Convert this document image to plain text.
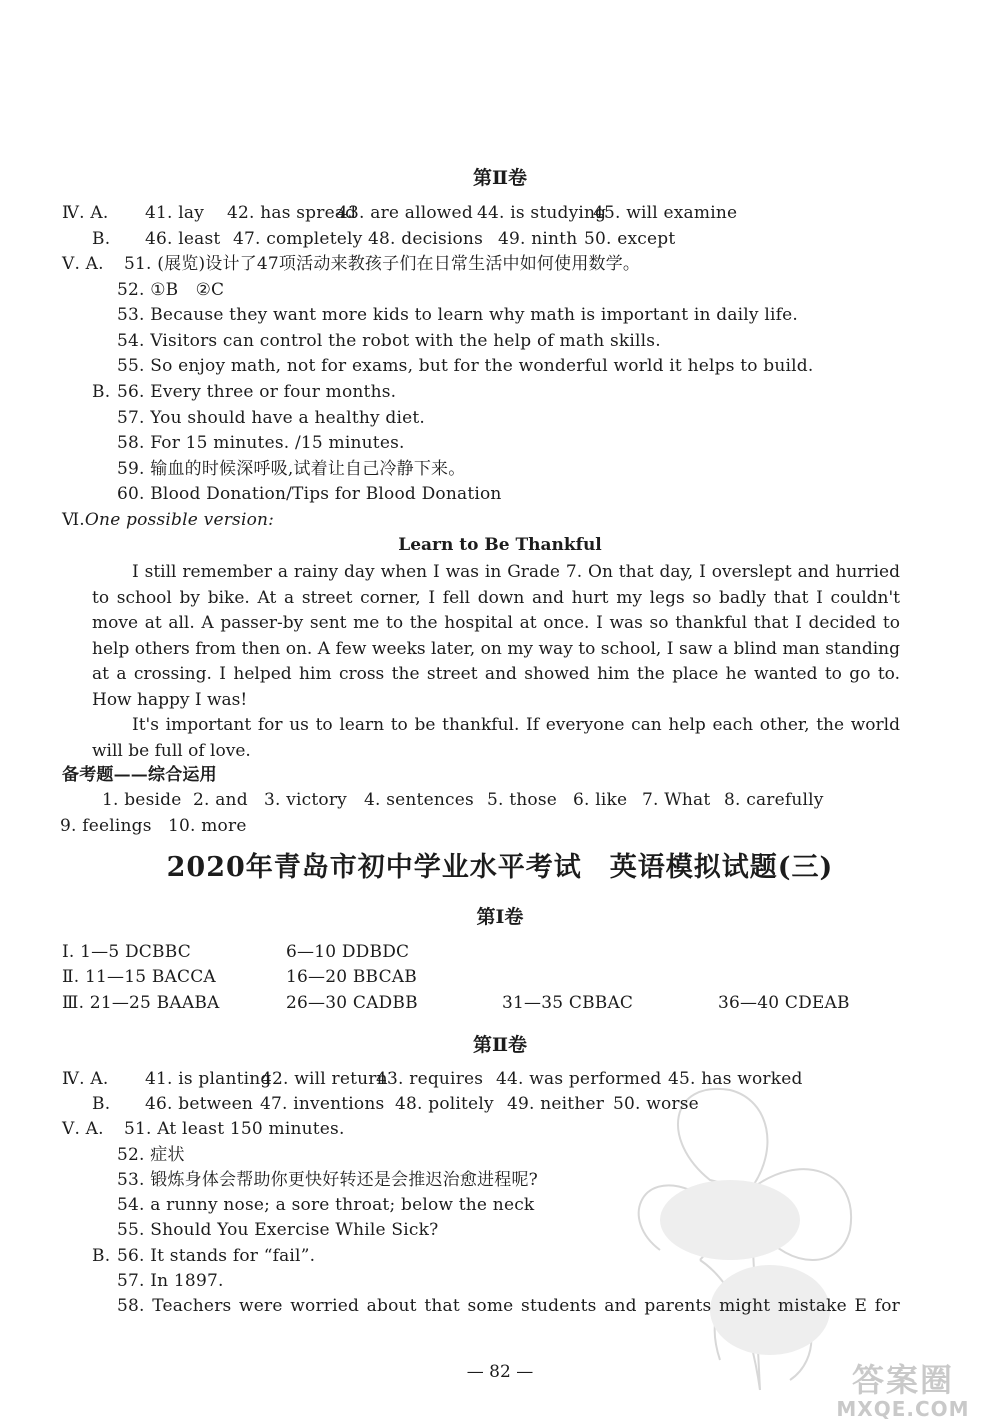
第Ⅱ卷
Ⅳ. A. 41. lay 42. has spread43. are allowed 44. is studying45. will examine
B. 46. least 47. completely 48. decisions 49. ninth 50. except
Ⅴ. A. 51. (展览)设计了47项活动来教孩子们在日常生活中如何使用数学。
52. ①B　②C
53. Because they want more kids to learn why math is important in daily life.
54. Visitors can control the robot with the help of math skills.
55. So enjoy math, not for exams, but for the wonderful world it helps to build.
B. 56. Every three or four months.
57. You should have a healthy diet.
58. For 15 minutes. /15 minutes.
59. 输血的时候深呼吸,试着让自己冷静下来。
60. Blood Donation/Tips for Blood Donation
Ⅵ.One possible version:
Learn to Be Thankful
I still remember a rainy day when I was in Grade 7. On that day, I overslept and hurried to school by bike. At a street corner, I fell down and hurt my legs so badly that I couldn't move at all. A passer-by sent me to the hospital at once. I was so thankful that I decided to help others from then on. A few weeks later, on my way to school, I saw a blind man standing at a crossing. I helped him cross the street and showed him the place he wanted to go to. How happy I was!
It's important for us to learn to be thankful. If everyone can help each other, the world will be full of love.
备考题——综合运用
1. beside 2. and 3. victory 4. sentences 5. those 6. like 7. What 8. carefully
9. feelings 10. more
2020年青岛市初中学业水平考试　英语模拟试题(三)
第Ⅰ卷
Ⅰ. 1—5 DCBBC	6—10 DDBDC
Ⅱ. 11—15 BACCA	16—20 BBCAB
Ⅲ. 21—25 BAABA	26—30 CADBB	31—35 CBBAC	36—40 CDEAB
第Ⅱ卷
Ⅳ. A. 41. is planting42. will return43. requires 44. was performed 45. has worked
B. 46. between 47. inventions 48. politely 49. neither 50. worse
Ⅴ. A. 51. At least 150 minutes.
52. 症状
53. 锻炼身体会帮助你更快好转还是会推迟治愈进程呢?
54. a runny nose; a sore throat; below the neck
55. Should You Exercise While Sick?
B. 56. It stands for “fail”.
57. In 1897.
58. Teachers were worried about that some students and parents might mistake E for
— 82 —	答案圈
MXQE.COM
